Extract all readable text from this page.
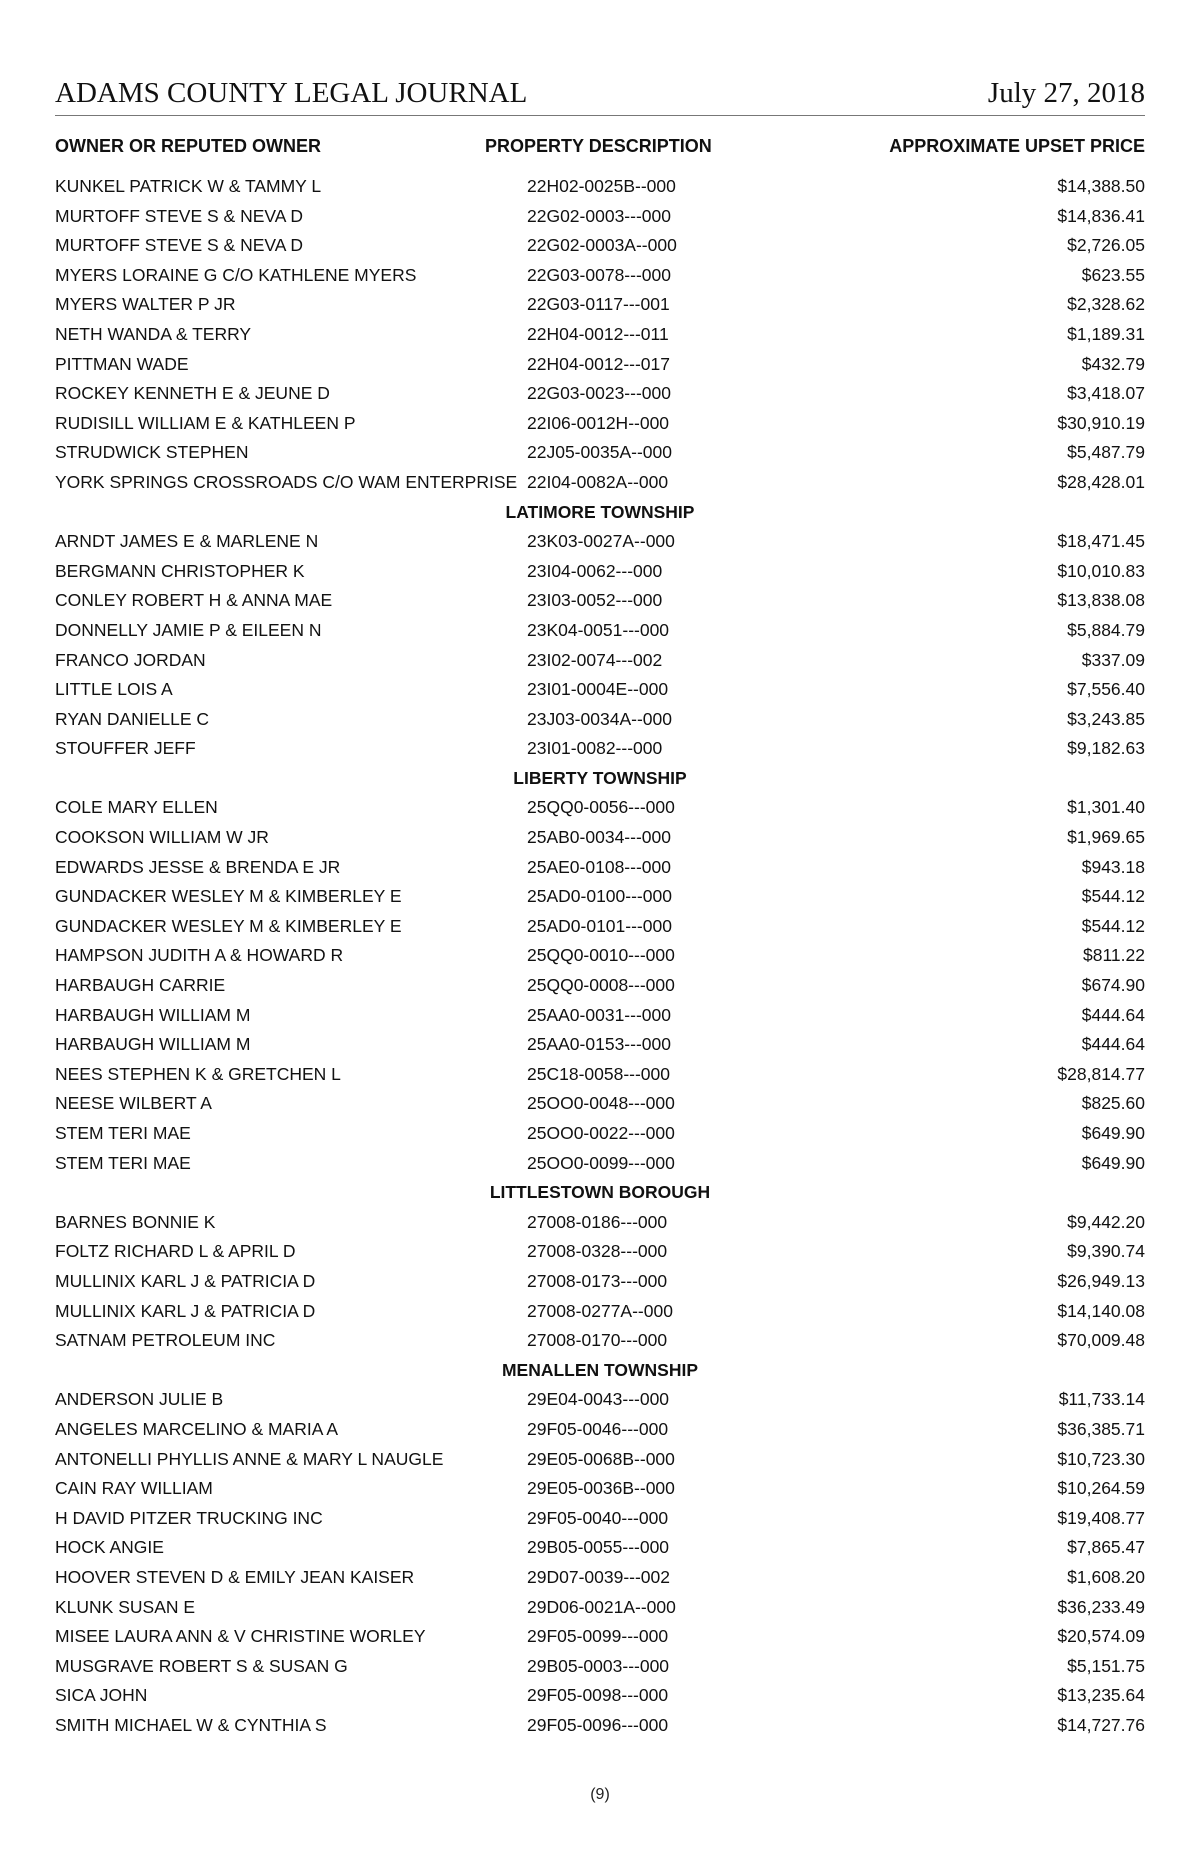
ADAMS COUNTY LEGAL JOURNAL	July 27, 2018
OWNER OR REPUTED OWNER	PROPERTY DESCRIPTION	APPROXIMATE UPSET PRICE
KUNKEL PATRICK W & TAMMY L	22H02-0025B--000	$14,388.50
MURTOFF STEVE S & NEVA D	22G02-0003---000	$14,836.41
MURTOFF STEVE S & NEVA D	22G02-0003A--000	$2,726.05
MYERS LORAINE G C/O KATHLENE MYERS	22G03-0078---000	$623.55
MYERS WALTER P JR	22G03-0117---001	$2,328.62
NETH WANDA & TERRY	22H04-0012---011	$1,189.31
PITTMAN WADE	22H04-0012---017	$432.79
ROCKEY KENNETH E & JEUNE D	22G03-0023---000	$3,418.07
RUDISILL WILLIAM E & KATHLEEN P	22I06-0012H--000	$30,910.19
STRUDWICK STEPHEN	22J05-0035A--000	$5,487.79
YORK SPRINGS CROSSROADS C/O WAM ENTERPRISE 22I04-0082A--000	$28,428.01
LATIMORE TOWNSHIP
ARNDT JAMES E & MARLENE N	23K03-0027A--000	$18,471.45
BERGMANN CHRISTOPHER K	23I04-0062---000	$10,010.83
CONLEY ROBERT H & ANNA MAE	23I03-0052---000	$13,838.08
DONNELLY JAMIE P & EILEEN N	23K04-0051---000	$5,884.79
FRANCO JORDAN	23I02-0074---002	$337.09
LITTLE LOIS A	23I01-0004E--000	$7,556.40
RYAN DANIELLE C	23J03-0034A--000	$3,243.85
STOUFFER JEFF	23I01-0082---000	$9,182.63
LIBERTY TOWNSHIP
COLE MARY ELLEN	25QQ0-0056---000	$1,301.40
COOKSON WILLIAM W JR	25AB0-0034---000	$1,969.65
EDWARDS JESSE & BRENDA E JR	25AE0-0108---000	$943.18
GUNDACKER WESLEY M & KIMBERLEY E	25AD0-0100---000	$544.12
GUNDACKER WESLEY M & KIMBERLEY E	25AD0-0101---000	$544.12
HAMPSON JUDITH A & HOWARD R	25QQ0-0010---000	$811.22
HARBAUGH CARRIE	25QQ0-0008---000	$674.90
HARBAUGH WILLIAM M	25AA0-0031---000	$444.64
HARBAUGH WILLIAM M	25AA0-0153---000	$444.64
NEES STEPHEN K & GRETCHEN L	25C18-0058---000	$28,814.77
NEESE WILBERT A	25OO0-0048---000	$825.60
STEM TERI MAE	25OO0-0022---000	$649.90
STEM TERI MAE	25OO0-0099---000	$649.90
LITTLESTOWN BOROUGH
BARNES BONNIE K	27008-0186---000	$9,442.20
FOLTZ RICHARD L & APRIL D	27008-0328---000	$9,390.74
MULLINIX KARL J & PATRICIA D	27008-0173---000	$26,949.13
MULLINIX KARL J & PATRICIA D	27008-0277A--000	$14,140.08
SATNAM PETROLEUM INC	27008-0170---000	$70,009.48
MENALLEN TOWNSHIP
ANDERSON JULIE B	29E04-0043---000	$11,733.14
ANGELES MARCELINO & MARIA A	29F05-0046---000	$36,385.71
ANTONELLI PHYLLIS ANNE & MARY L NAUGLE	29E05-0068B--000	$10,723.30
CAIN RAY WILLIAM	29E05-0036B--000	$10,264.59
H DAVID PITZER TRUCKING INC	29F05-0040---000	$19,408.77
HOCK ANGIE	29B05-0055---000	$7,865.47
HOOVER STEVEN D & EMILY JEAN KAISER	29D07-0039---002	$1,608.20
KLUNK SUSAN E	29D06-0021A--000	$36,233.49
MISEE LAURA ANN & V CHRISTINE WORLEY	29F05-0099---000	$20,574.09
MUSGRAVE ROBERT S & SUSAN G	29B05-0003---000	$5,151.75
SICA JOHN	29F05-0098---000	$13,235.64
SMITH MICHAEL W & CYNTHIA S	29F05-0096---000	$14,727.76
(9)
